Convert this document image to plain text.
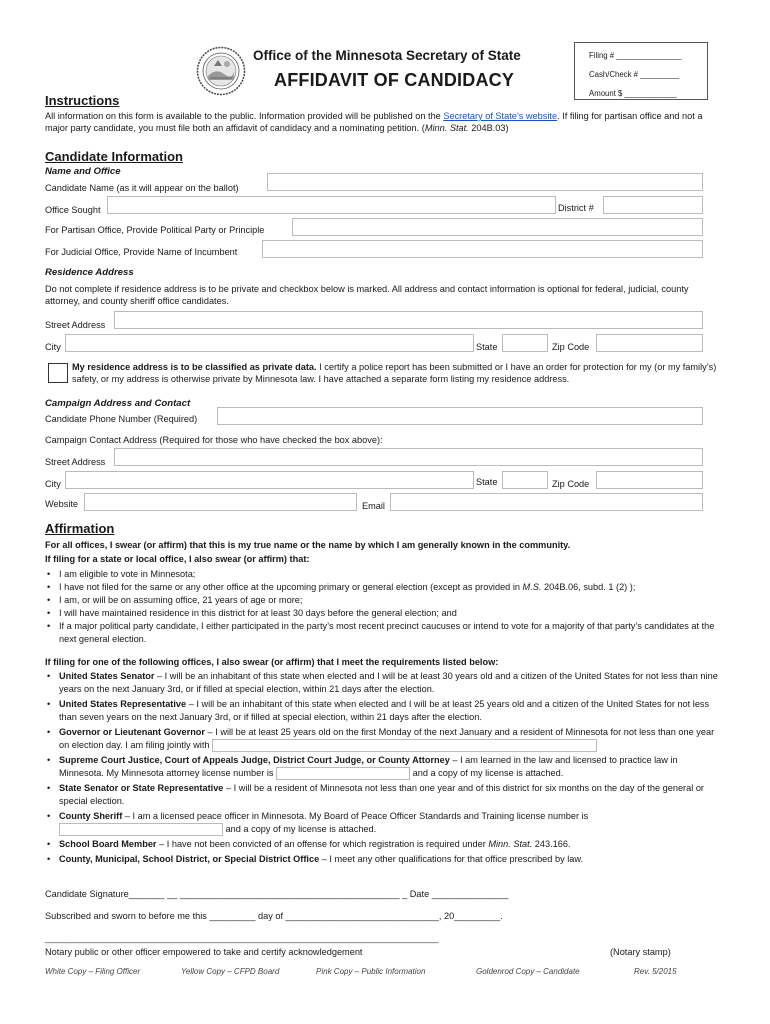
Office of the Minnesota Secretary of State
AFFIDAVIT OF CANDIDACY
Filing # _______________
Cash/Check # _________
Amount $ ____________
Instructions
All information on this form is available to the public. Information provided will be published on the Secretary of State’s website. If filing for partisan office and not a major party candidate, you must file both an affidavit of candidacy and a nominating petition. (Minn. Stat. 204B.03)
Candidate Information
Name and Office
Candidate Name (as it will appear on the ballot)
Office Sought	District #
For Partisan Office, Provide Political Party or Principle
For Judicial Office, Provide Name of Incumbent
Residence Address
Do not complete if residence address is to be private and checkbox below is marked. All address and contact information is optional for federal, judicial, county attorney, and county sheriff office candidates.
Street Address
City	State	Zip Code
My residence address is to be classified as private data. I certify a police report has been submitted or I have an order for protection for my (or my family’s) safety, or my address is otherwise private by Minnesota law. I have attached a separate form listing my residence address.
Campaign Address and Contact
Candidate Phone Number (Required)
Campaign Contact Address (Required for those who have checked the box above):
Street Address
City	State	Zip Code
Website	Email
Affirmation
For all offices, I swear (or affirm) that this is my true name or the name by which I am generally known in the community.
If filing for a state or local office, I also swear (or affirm) that:
• I am eligible to vote in Minnesota;
• I have not filed for the same or any other office at the upcoming primary or general election (except as provided in M.S. 204B.06, subd. 1 (2) );
• I am, or will be on assuming office, 21 years of age or more;
• I will have maintained residence in this district for at least 30 days before the general election; and
• If a major political party candidate, I either participated in the party’s most recent precinct caucuses or intend to vote for a majority of that party’s candidates at the next general election.
If filing for one of the following offices, I also swear (or affirm) that I meet the requirements listed below:
• United States Senator – I will be an inhabitant of this state when elected and I will be at least 30 years old and a citizen of the United States for not less than nine years on the next January 3rd, or if filled at special election, within 21 days after the election.
• United States Representative – I will be an inhabitant of this state when elected and I will be at least 25 years old and a citizen of the United States for not less than seven years on the next January 3rd, or if filled at special election, within 21 days after the election.
• Governor or Lieutenant Governor – I will be at least 25 years old on the first Monday of the next January and a resident of Minnesota for not less than one year on election day. I am filing jointly with
• Supreme Court Justice, Court of Appeals Judge, District Court Judge, or County Attorney – I am learned in the law and licensed to practice law in Minnesota. My Minnesota attorney license number is	and a copy of my license is attached.
• State Senator or State Representative – I will be a resident of Minnesota not less than one year and of this district for six months on the day of the general or special election.
• County Sheriff – I am a licensed peace officer in Minnesota. My Board of Peace Officer Standards and Training license number is
and a copy of my license is attached.
• School Board Member – I have not been convicted of an offense for which registration is required under Minn. Stat. 243.166.
• County, Municipal, School District, or Special District Office – I meet any other qualifications for that office prescribed by law.
Candidate Signature_______ __ ___________________________________________ _ Date _______________
Subscribed and sworn to before me this _________ day of ______________________________, 20_________.
_____________________________________________________________________________
Notary public or other officer empowered to take and certify acknowledgement	(Notary stamp)
White Copy – Filing Officer	Yellow Copy – CFPD Board	Pink Copy – Public Information	Goldenrod Copy – Candidate	Rev. 5/2015
